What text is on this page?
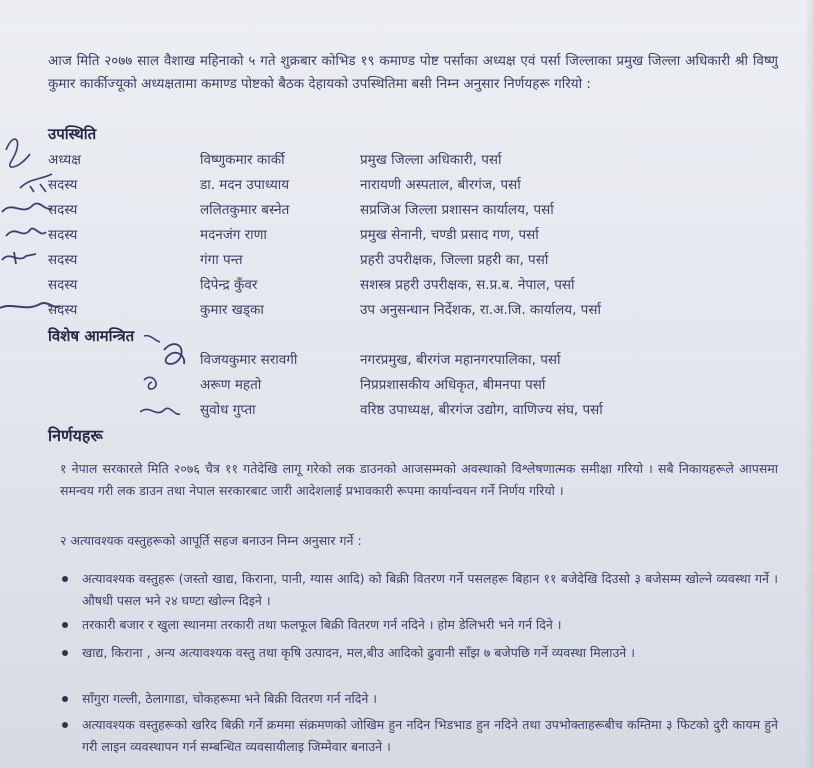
आज मिति २०७७ साल वैशाख महिनाको ५ गते शुक्रबार कोभिड १९ कमाण्ड पोष्ट पर्साका अध्यक्ष एवं पर्सा जिल्लाका प्रमुख जिल्ला अधिकारी श्री विष्णु कुमार कार्कीज्यूको अध्यक्षतामा कमाण्ड पोष्टको बैठक देहायको उपस्थितिमा बसी निम्न अनुसार निर्णयहरू गरियो :
उपस्थिति
अध्यक्ष	विष्णुकमार कार्की	प्रमुख जिल्ला अधिकारी, पर्सा
सदस्य	डा. मदन उपाध्याय	नारायणी अस्पताल, बीरगंज, पर्सा
सदस्य	ललितकुमार बस्नेत	सप्रजिअ जिल्ला प्रशासन कार्यालय, पर्सा
सदस्य	मदनजंग राणा	प्रमुख सेनानी, चण्डी प्रसाद गण, पर्सा
सदस्य	गंगा पन्त	प्रहरी उपरीक्षक, जिल्ला प्रहरी का, पर्सा
सदस्य	दिपेन्द्र कुँवर	सशस्त्र प्रहरी उपरीक्षक, स.प्र.ब. नेपाल, पर्सा
सदस्य	कुमार खड्का	उप अनुसन्धान निर्देशक, रा.अ.जि. कार्यालय, पर्सा
विशेष आमन्त्रित
विजयकुमार सरावगी	नगरप्रमुख, बीरगंज महानगरपालिका, पर्सा
अरूण महतो	निप्रप्रशासकीय अधिकृत, बीमनपा पर्सा
सुवोध गुप्ता	वरिष्ठ उपाध्यक्ष, बीरगंज उद्योग, वाणिज्य संघ, पर्सा
निर्णयहरू
१ नेपाल सरकारले मिति २०७६ चैत्र ११ गतेदेखि लागू गरेको लक डाउनको आजसम्मको अवस्थाको विश्लेषणात्मक समीक्षा गरियो । सबै निकायहरूले आपसमा समन्वय गरी लक डाउन तथा नेपाल सरकारबाट जारी आदेशलाई प्रभावकारी रूपमा कार्यान्वयन गर्ने निर्णय गरियो ।
२ अत्यावश्यक वस्तुहरूको आपूर्ति सहज बनाउन निम्न अनुसार गर्ने :
अत्यावश्यक वस्तुहरू (जस्तो खाद्य, किराना, पानी, ग्यास आदि) को बिक्री वितरण गर्ने पसलहरू बिहान ११ बजेदेखि दिउसो ३ बजेसम्म खोल्ने व्यवस्था गर्ने । औषधी पसल भने २४ घण्टा खोल्न दिइने ।
तरकारी बजार र खुला स्थानमा तरकारी तथा फलफूल बिक्री वितरण गर्न नदिने । होम डेलिभरी भने गर्न दिने ।
खाद्य, किराना , अन्य अत्यावश्यक वस्तु तथा कृषि उत्पादन, मल,बीउ आदिको ढुवानी साँझ ७ बजेपछि गर्ने व्यवस्था मिलाउने ।
साँगुरा गल्ली, ठेलागाडा, चोकहरूमा भने बिक्री वितरण गर्न नदिने ।
अत्यावश्यक वस्तुहरूको खरिद बिक्री गर्ने क्रममा संक्रमणको जोखिम हुन नदिन भिडभाड हुन नदिने तथा उपभोक्ताहरूबीच कम्तिमा ३ फिटको दुरी कायम हुने गरी लाइन व्यवस्थापन गर्न सम्बन्धित व्यवसायीलाइ जिम्मेवार बनाउने ।
